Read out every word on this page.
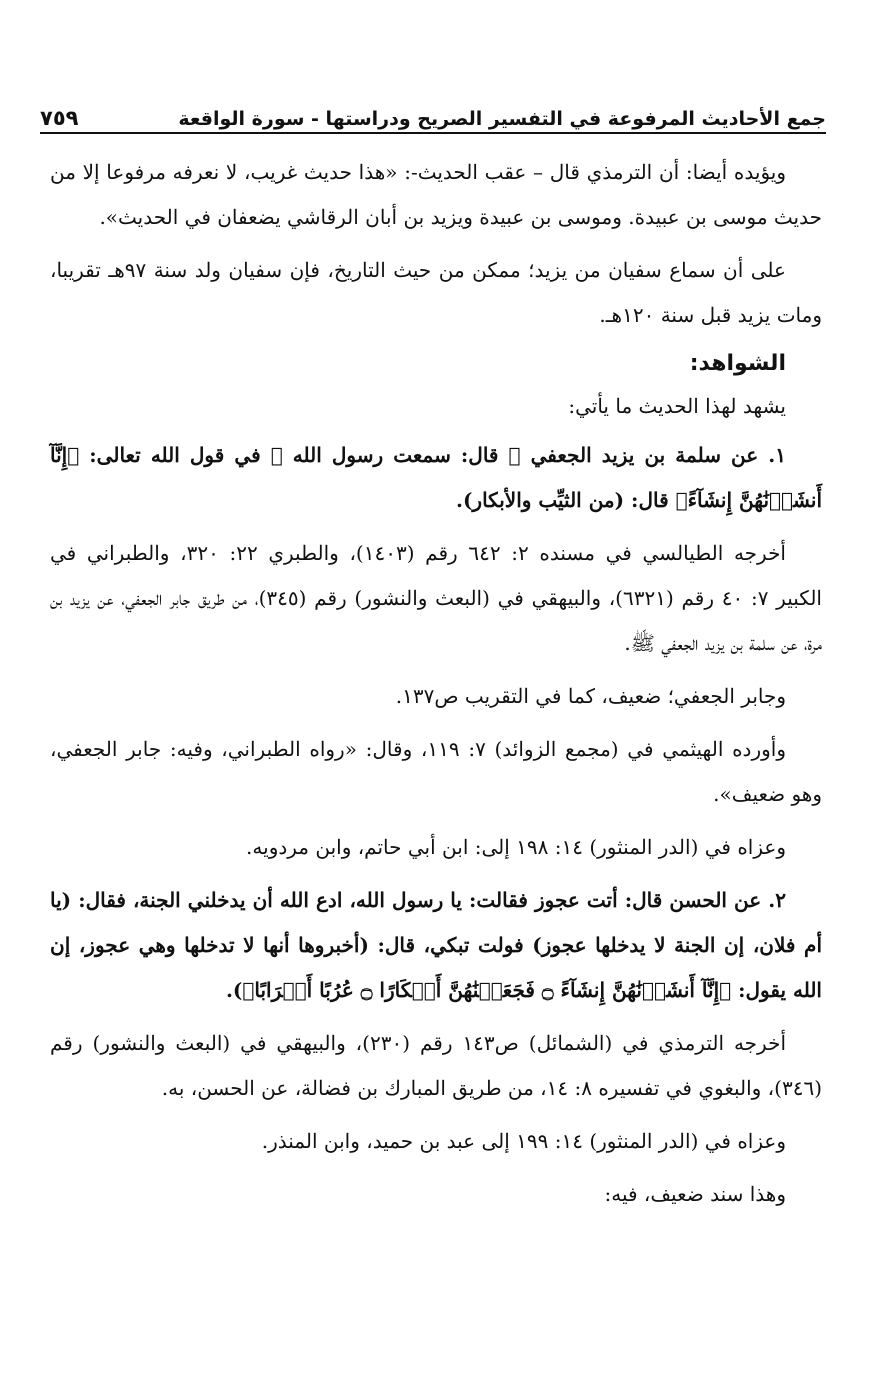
جمع الأحاديث المرفوعة في التفسير الصريح ودراستها - سورة الواقعة
٧٥٩

ويؤيده أيضا: أن الترمذي قال – عقب الحديث-: «هذا حديث غريب، لا نعرفه مرفوعا إلا من حديث موسى بن عبيدة. وموسى بن عبيدة ويزيد بن أبان الرقاشي يضعفان في الحديث».

على أن سماع سفيان من يزيد؛ ممكن من حيث التاريخ، فإن سفيان ولد سنة ٩٧هـ تقريبا، ومات يزيد قبل سنة ١٢٠هـ.

الشواهد:

يشهد لهذا الحديث ما يأتي:

١. عن سلمة بن يزيد الجعفي ﷺ قال: سمعت رسول الله ﷺ في قول الله تعالى: ﴿إِنَّآ أَنشَأۡنَٰهُنَّ إِنشَآءً﴾ قال: (من الثيِّب والأبكار).

أخرجه الطيالسي في مسنده ٢: ٦٤٢ رقم (١٤٠٣)، والطبري ٢٢: ٣٢٠، والطبراني في الكبير ٧: ٤٠ رقم (٦٣٢١)، والبيهقي في (البعث والنشور) رقم (٣٤٥)، من طريق جابر الجعفي، عن يزيد بن مرة، عن سلمة بن يزيد الجعفي ﷺ.

وجابر الجعفي؛ ضعيف، كما في التقريب ص١٣٧.

وأورده الهيثمي في (مجمع الزوائد) ٧: ١١٩، وقال: «رواه الطبراني، وفيه: جابر الجعفي، وهو ضعيف».

وعزاه في (الدر المنثور) ١٤: ١٩٨ إلى: ابن أبي حاتم، وابن مردويه.

٢. عن الحسن قال: أتت عجوز فقالت: يا رسول الله، ادع الله أن يدخلني الجنة، فقال: (يا أم فلان، إن الجنة لا يدخلها عجوز) فولت تبكي، قال: (أخبروها أنها لا تدخلها وهي عجوز، إن الله يقول: ﴿إِنَّآ أَنشَأۡنَٰهُنَّ إِنشَآءً ۝ فَجَعَلۡنَٰهُنَّ أَبۡكَارًا ۝ عُرُبًا أَتۡرَابًا﴾).

أخرجه الترمذي في (الشمائل) ص١٤٣ رقم (٢٣٠)، والبيهقي في (البعث والنشور) رقم (٣٤٦)، والبغوي في تفسيره ٨: ١٤، من طريق المبارك بن فضالة، عن الحسن، به.

وعزاه في (الدر المنثور) ١٤: ١٩٩ إلى عبد بن حميد، وابن المنذر.

وهذا سند ضعيف، فيه:
